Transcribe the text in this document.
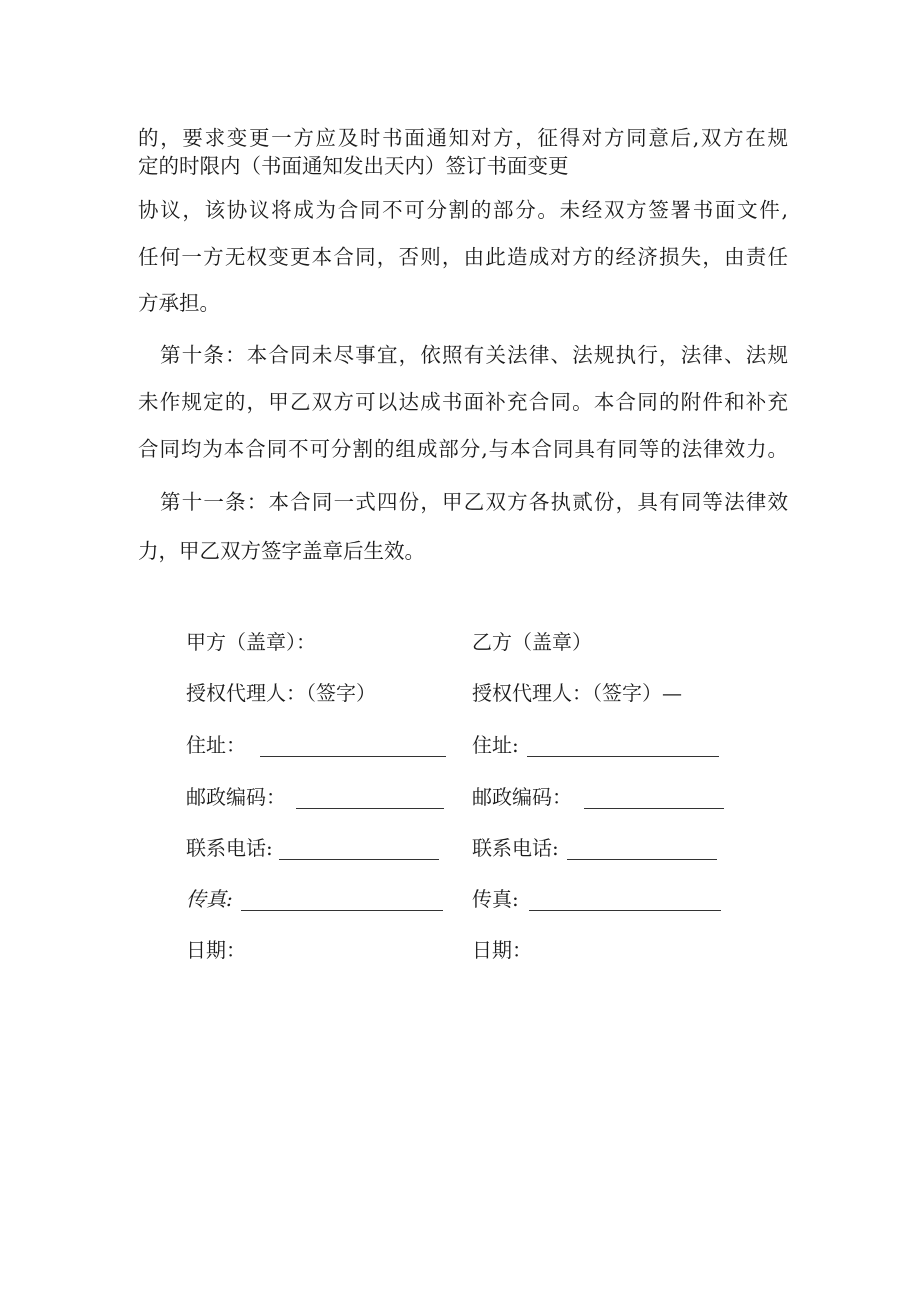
的，要求变更一方应及时书面通知对方，征得对方同意后,双方在规
定的时限内（书面通知发出天内）签订书面变更
协议，该协议将成为合同不可分割的部分。未经双方签署书面文件,
任何一方无权变更本合同，否则，由此造成对方的经济损失，由责任
方承担。
第十条：本合同未尽事宜，依照有关法律、法规执行，法律、法规
未作规定的，甲乙双方可以达成书面补充合同。本合同的附件和补充
合同均为本合同不可分割的组成部分,与本合同具有同等的法律效力。
第十一条：本合同一式四份，甲乙双方各执贰份，具有同等法律效
力，甲乙双方签字盖章后生效。
甲方（盖章）：
授权代理人：（签字）
住址：
邮政编码：
联系电话:
传真:
日期：
乙方（盖章）
授权代理人：（签字）—
住址:
邮政编码：
联系电话:
传真:
日期：
